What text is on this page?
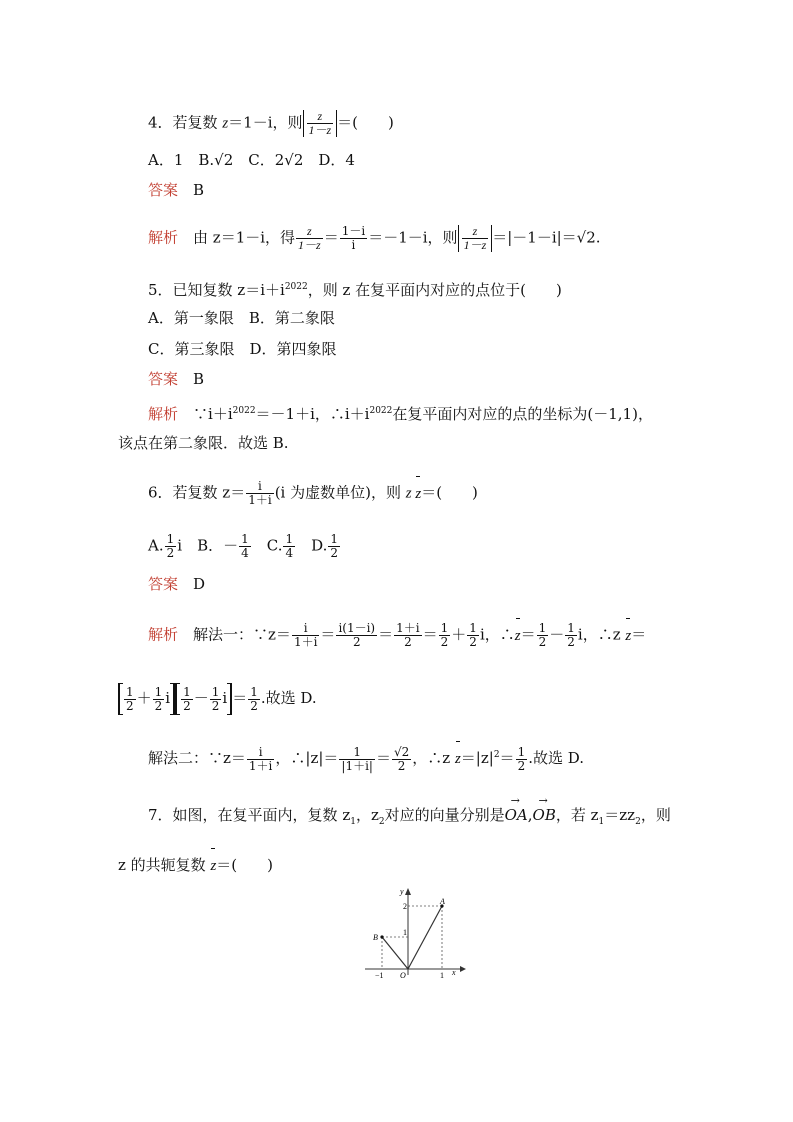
4．若复数 z＝1－i，则 $\frac{z}{1-z}$ ＝(　　)
A．1　B.√2　C．2√2　D．4
答案　 B
解析　 由 z＝1－i，得 $\frac{z}{1-z} = \frac{1-i}{i} =-1-i$，则 $\frac{z}{1-z} =|-1-i|=√2$.
5．已知复数 $z=i+i^{2022}$，则 z 在复平面内对应的点位于(　　)
A．第一象限　B．第二象限
C．第三象限　D．第四象限
答案　 B
解析　 $\because i+i^{2022}=-1+i$，$\therefore i+i^{2022}$在复平面内对应的点的坐标为(－1,1)，
该点在第二象限．故选 B.
6．若复数 $z= \frac{i}{1+i} (i$ 为虚数单位)，则 z z＝(　　)
A. $\frac{1}{2}$ i　 B．－ $\frac{1}{4}$
　 C. $\frac{1}{4}$
　 D. $\frac{1}{2}$
答案　 D
解析　 解法一：∵z＝ $\frac{i}{1+i} = \frac{i(1-i)}{2} = \frac{1+i}{2} = \frac{1}{2} + \frac{1}{2}$ i，∴z＝ $\frac{1}{2} - \frac{1}{2}$ i，∴z z＝
$\frac{1}{2} + \frac{1}{2}$ i $\frac{1}{2} - \frac{1}{2}$ $i = \frac{1}{2}$ .故选 D.
解法二：∵z＝ $\frac{i}{1+i}$ ，∴|z|＝ $\frac{1}{|1+i|} = \frac{√2}{2}$ ，∴z $z=|z|^2= \frac{1}{2}$ .故选 D.
7．如图，在复平面内，复数 $z_1$，$z_2$对应的向量分别是→ OA,→ OB，若 $z_1=zz_2$，则
z 的共轭复数 z＝(　　)
y
x
O
A
B
2
1
−1	1
